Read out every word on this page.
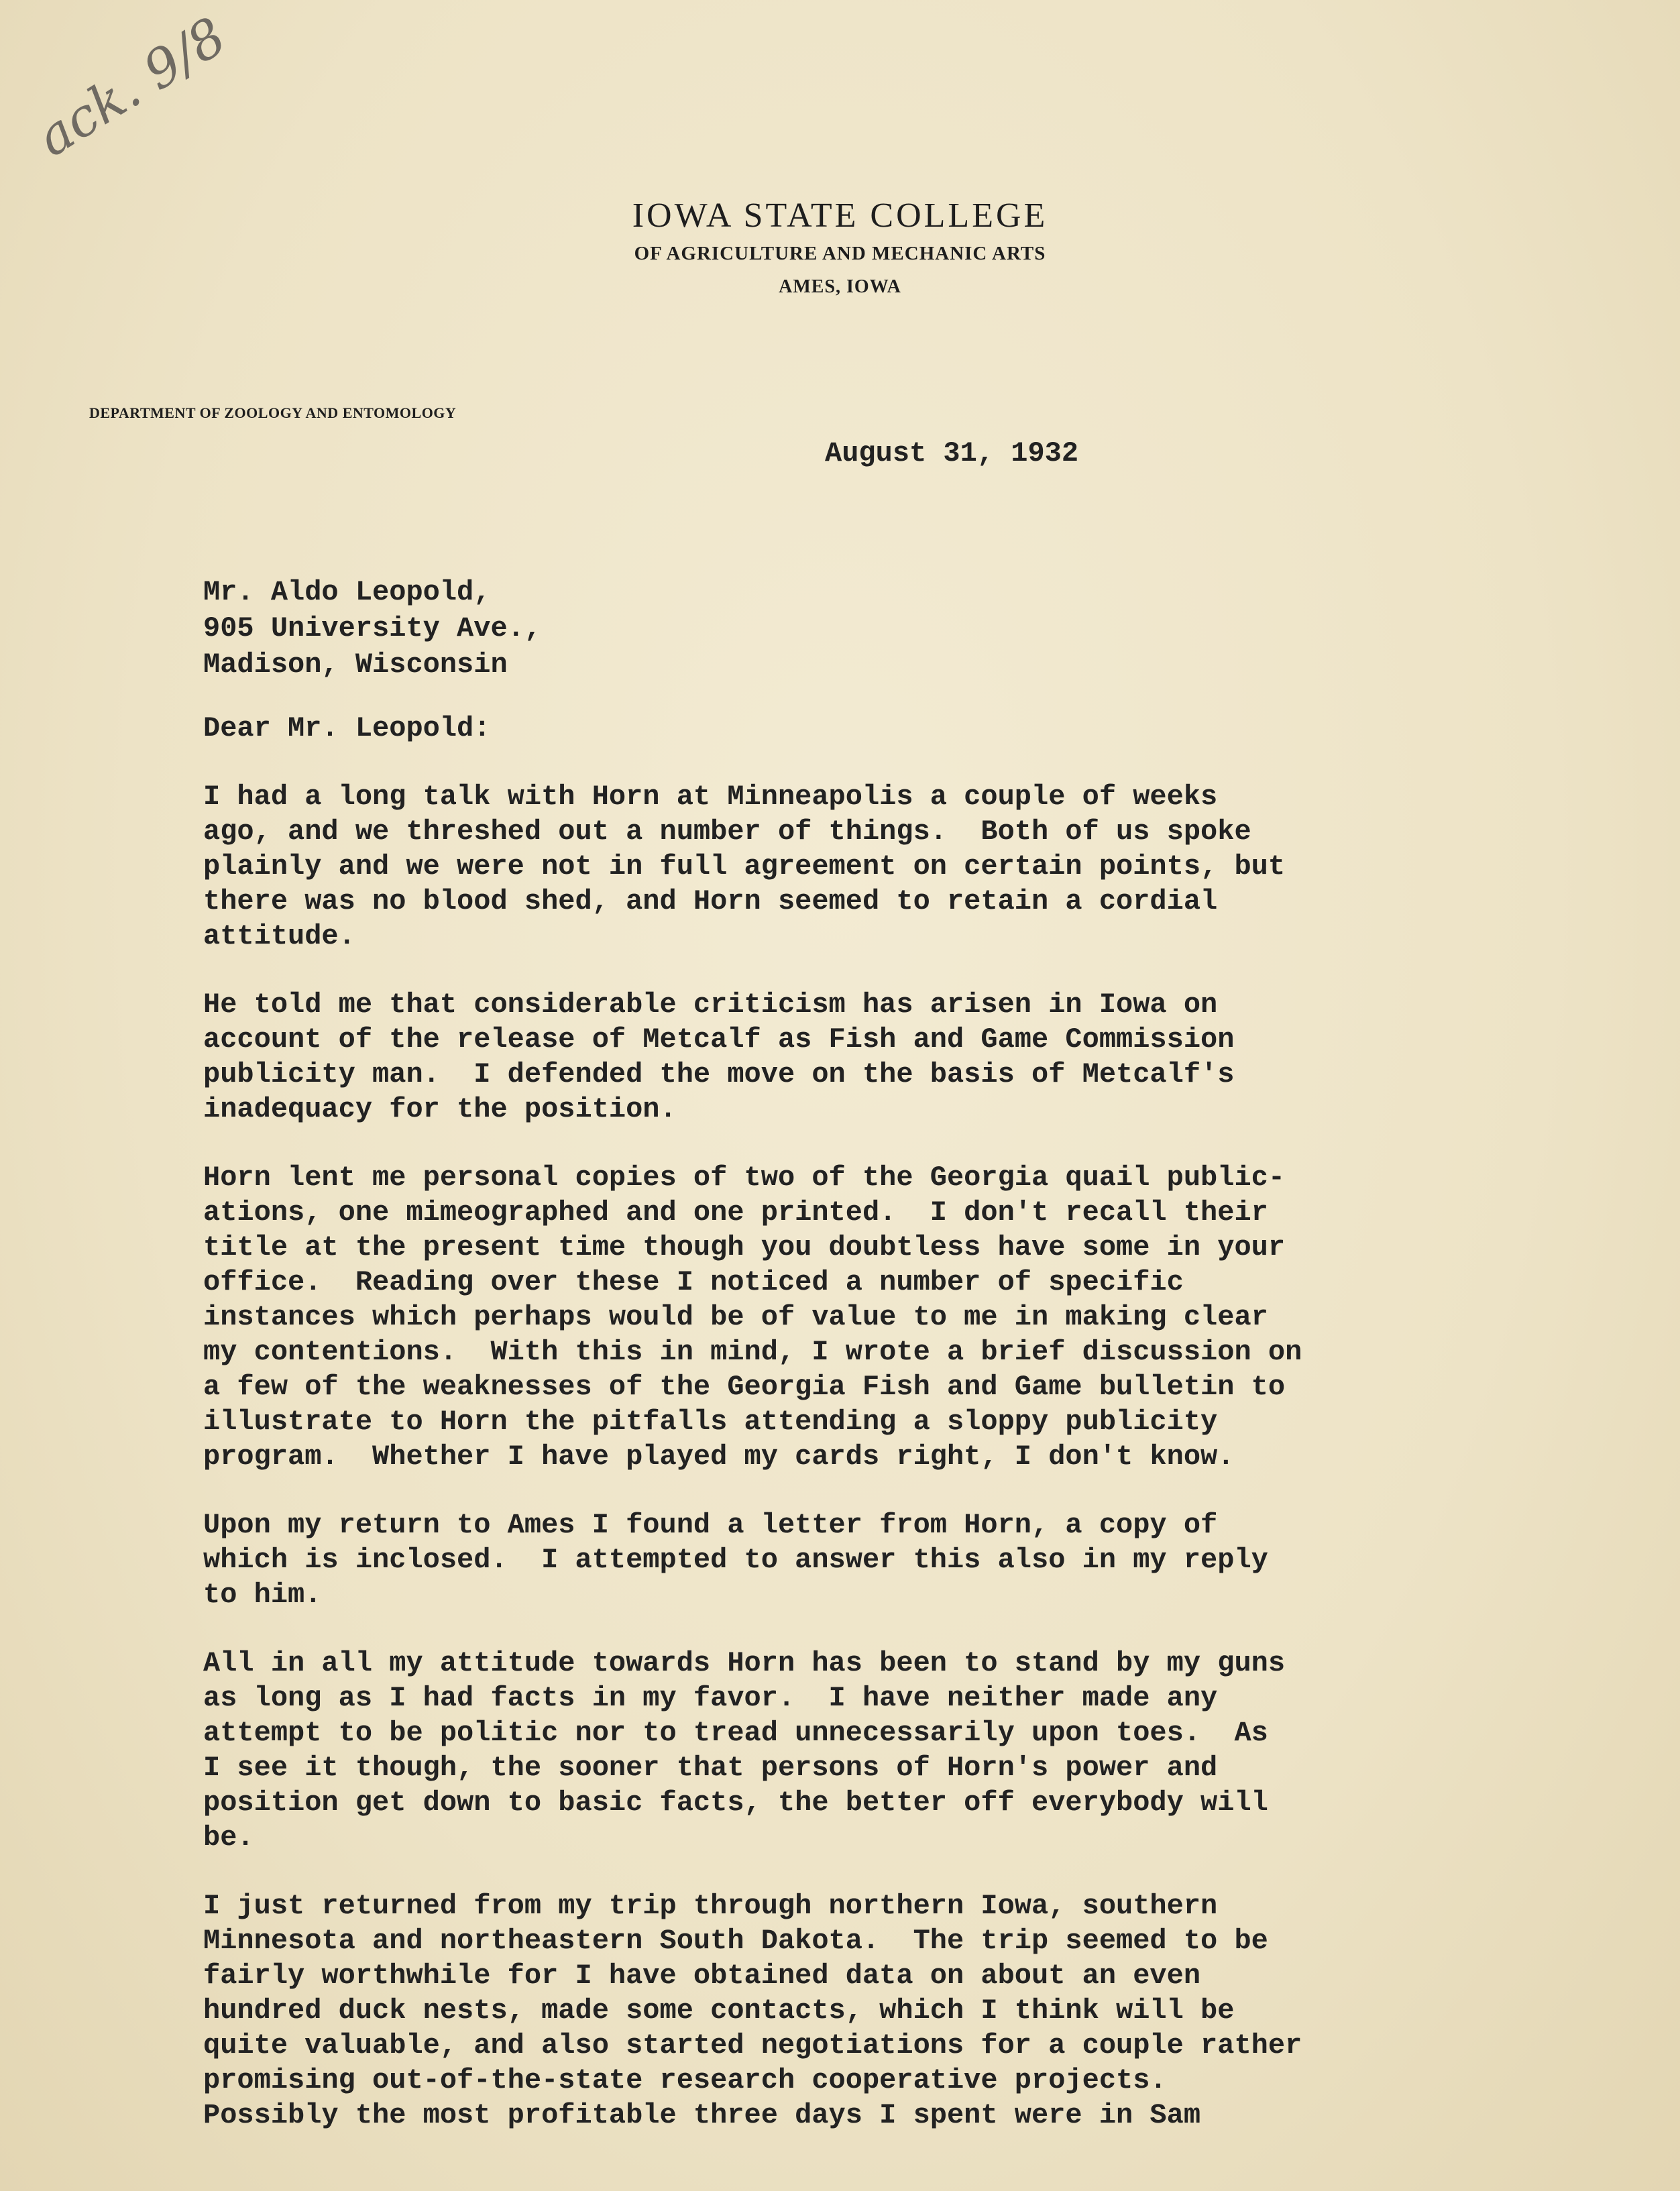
ack. 9/8
IOWA STATE COLLEGE
OF AGRICULTURE AND MECHANIC ARTS
AMES, IOWA
DEPARTMENT OF ZOOLOGY AND ENTOMOLOGY
August 31, 1932
Mr. Aldo Leopold,
905 University Ave.,
Madison, Wisconsin
Dear Mr. Leopold:
I had a long talk with Horn at Minneapolis a couple of weeks
ago, and we threshed out a number of things.  Both of us spoke
plainly and we were not in full agreement on certain points, but
there was no blood shed, and Horn seemed to retain a cordial
attitude.
He told me that considerable criticism has arisen in Iowa on
account of the release of Metcalf as Fish and Game Commission
publicity man.  I defended the move on the basis of Metcalf's
inadequacy for the position.
Horn lent me personal copies of two of the Georgia quail public-
ations, one mimeographed and one printed.  I don't recall their
title at the present time though you doubtless have some in your
office.  Reading over these I noticed a number of specific
instances which perhaps would be of value to me in making clear
my contentions.  With this in mind, I wrote a brief discussion on
a few of the weaknesses of the Georgia Fish and Game bulletin to
illustrate to Horn the pitfalls attending a sloppy publicity
program.  Whether I have played my cards right, I don't know.
Upon my return to Ames I found a letter from Horn, a copy of
which is inclosed.  I attempted to answer this also in my reply
to him.
All in all my attitude towards Horn has been to stand by my guns
as long as I had facts in my favor.  I have neither made any
attempt to be politic nor to tread unnecessarily upon toes.  As
I see it though, the sooner that persons of Horn's power and
position get down to basic facts, the better off everybody will
be.
I just returned from my trip through northern Iowa, southern
Minnesota and northeastern South Dakota.  The trip seemed to be
fairly worthwhile for I have obtained data on about an even
hundred duck nests, made some contacts, which I think will be
quite valuable, and also started negotiations for a couple rather
promising out-of-the-state research cooperative projects.
Possibly the most profitable three days I spent were in Sam
